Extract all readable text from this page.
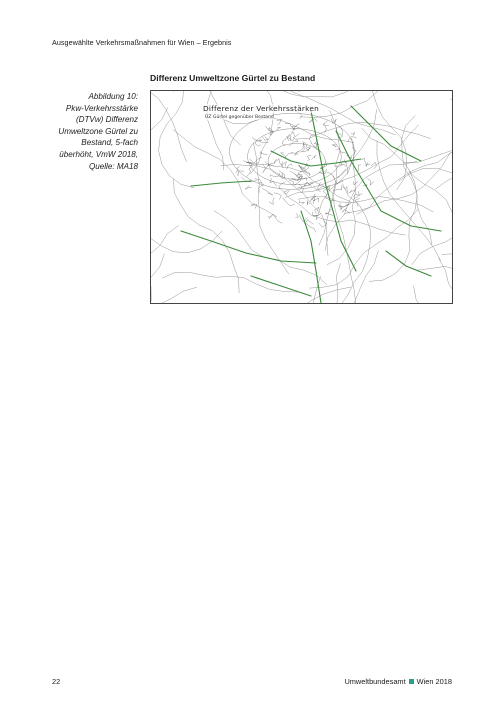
Ausgewählte Verkehrsmaßnahmen für Wien – Ergebnis
Differenz Umweltzone Gürtel zu Bestand
Abbildung 10:
Pkw-Verkehrsstärke
(DTVw) Differenz
Umweltzone Gürtel zu
Bestand, 5-fach
überhöht, VmW 2018,
Quelle: MA18
Differenz der Verkehrsstärken
UZ Gürtel gegenüber Bestand
22	Umweltbundesamt Wien 2018
